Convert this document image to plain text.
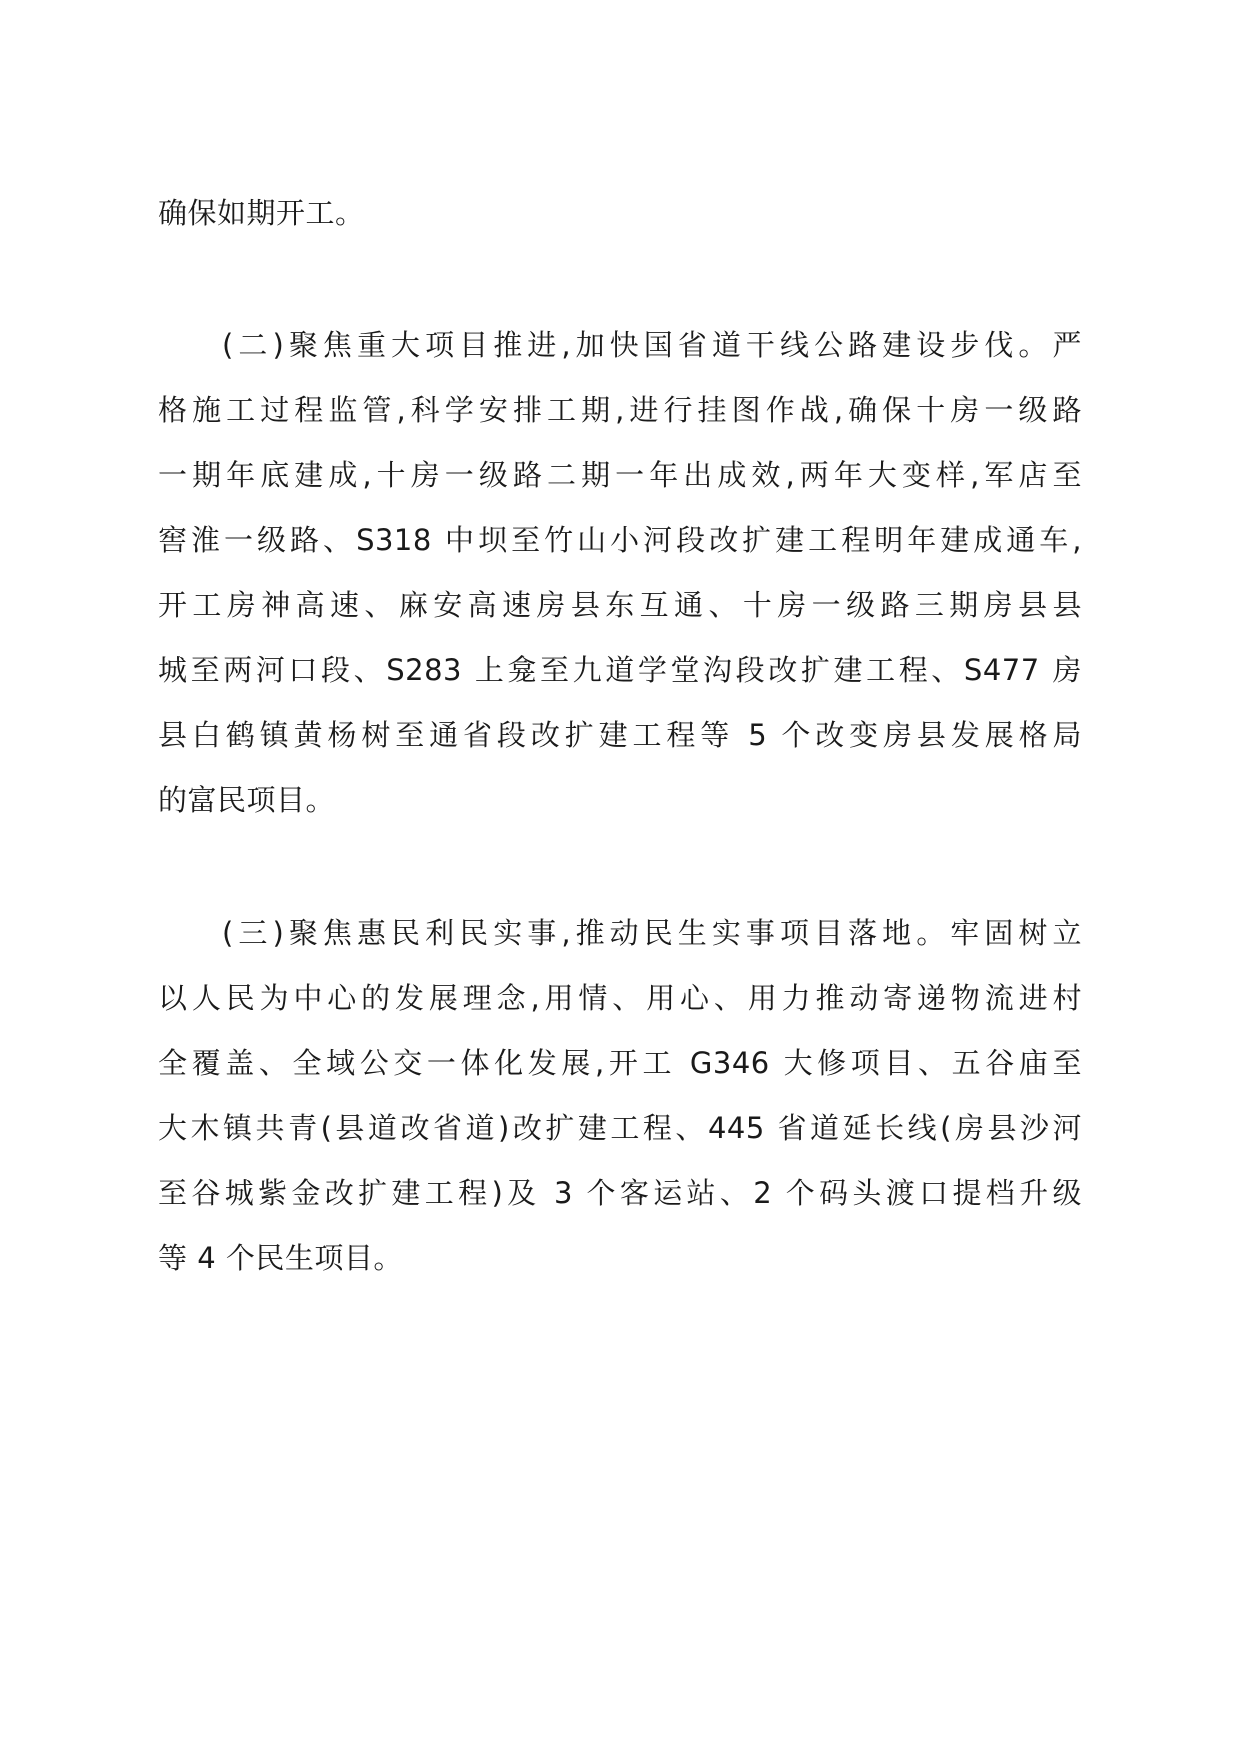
确保如期开工。
(二)聚焦重大项目推进,加快国省道干线公路建设步伐。严
格施工过程监管,科学安排工期,进行挂图作战,确保十房一级路
一期年底建成,十房一级路二期一年出成效,两年大变样,军店至
窖淮一级路、S318 中坝至竹山小河段改扩建工程明年建成通车,
开工房神高速、麻安高速房县东互通、十房一级路三期房县县
城至两河口段、S283 上龛至九道学堂沟段改扩建工程、S477 房
县白鹤镇黄杨树至通省段改扩建工程等 5 个改变房县发展格局
的富民项目。
(三)聚焦惠民利民实事,推动民生实事项目落地。牢固树立
以人民为中心的发展理念,用情、用心、用力推动寄递物流进村
全覆盖、全域公交一体化发展,开工 G346 大修项目、五谷庙至
大木镇共青(县道改省道)改扩建工程、445 省道延长线(房县沙河
至谷城紫金改扩建工程)及 3 个客运站、2 个码头渡口提档升级
等 4 个民生项目。
